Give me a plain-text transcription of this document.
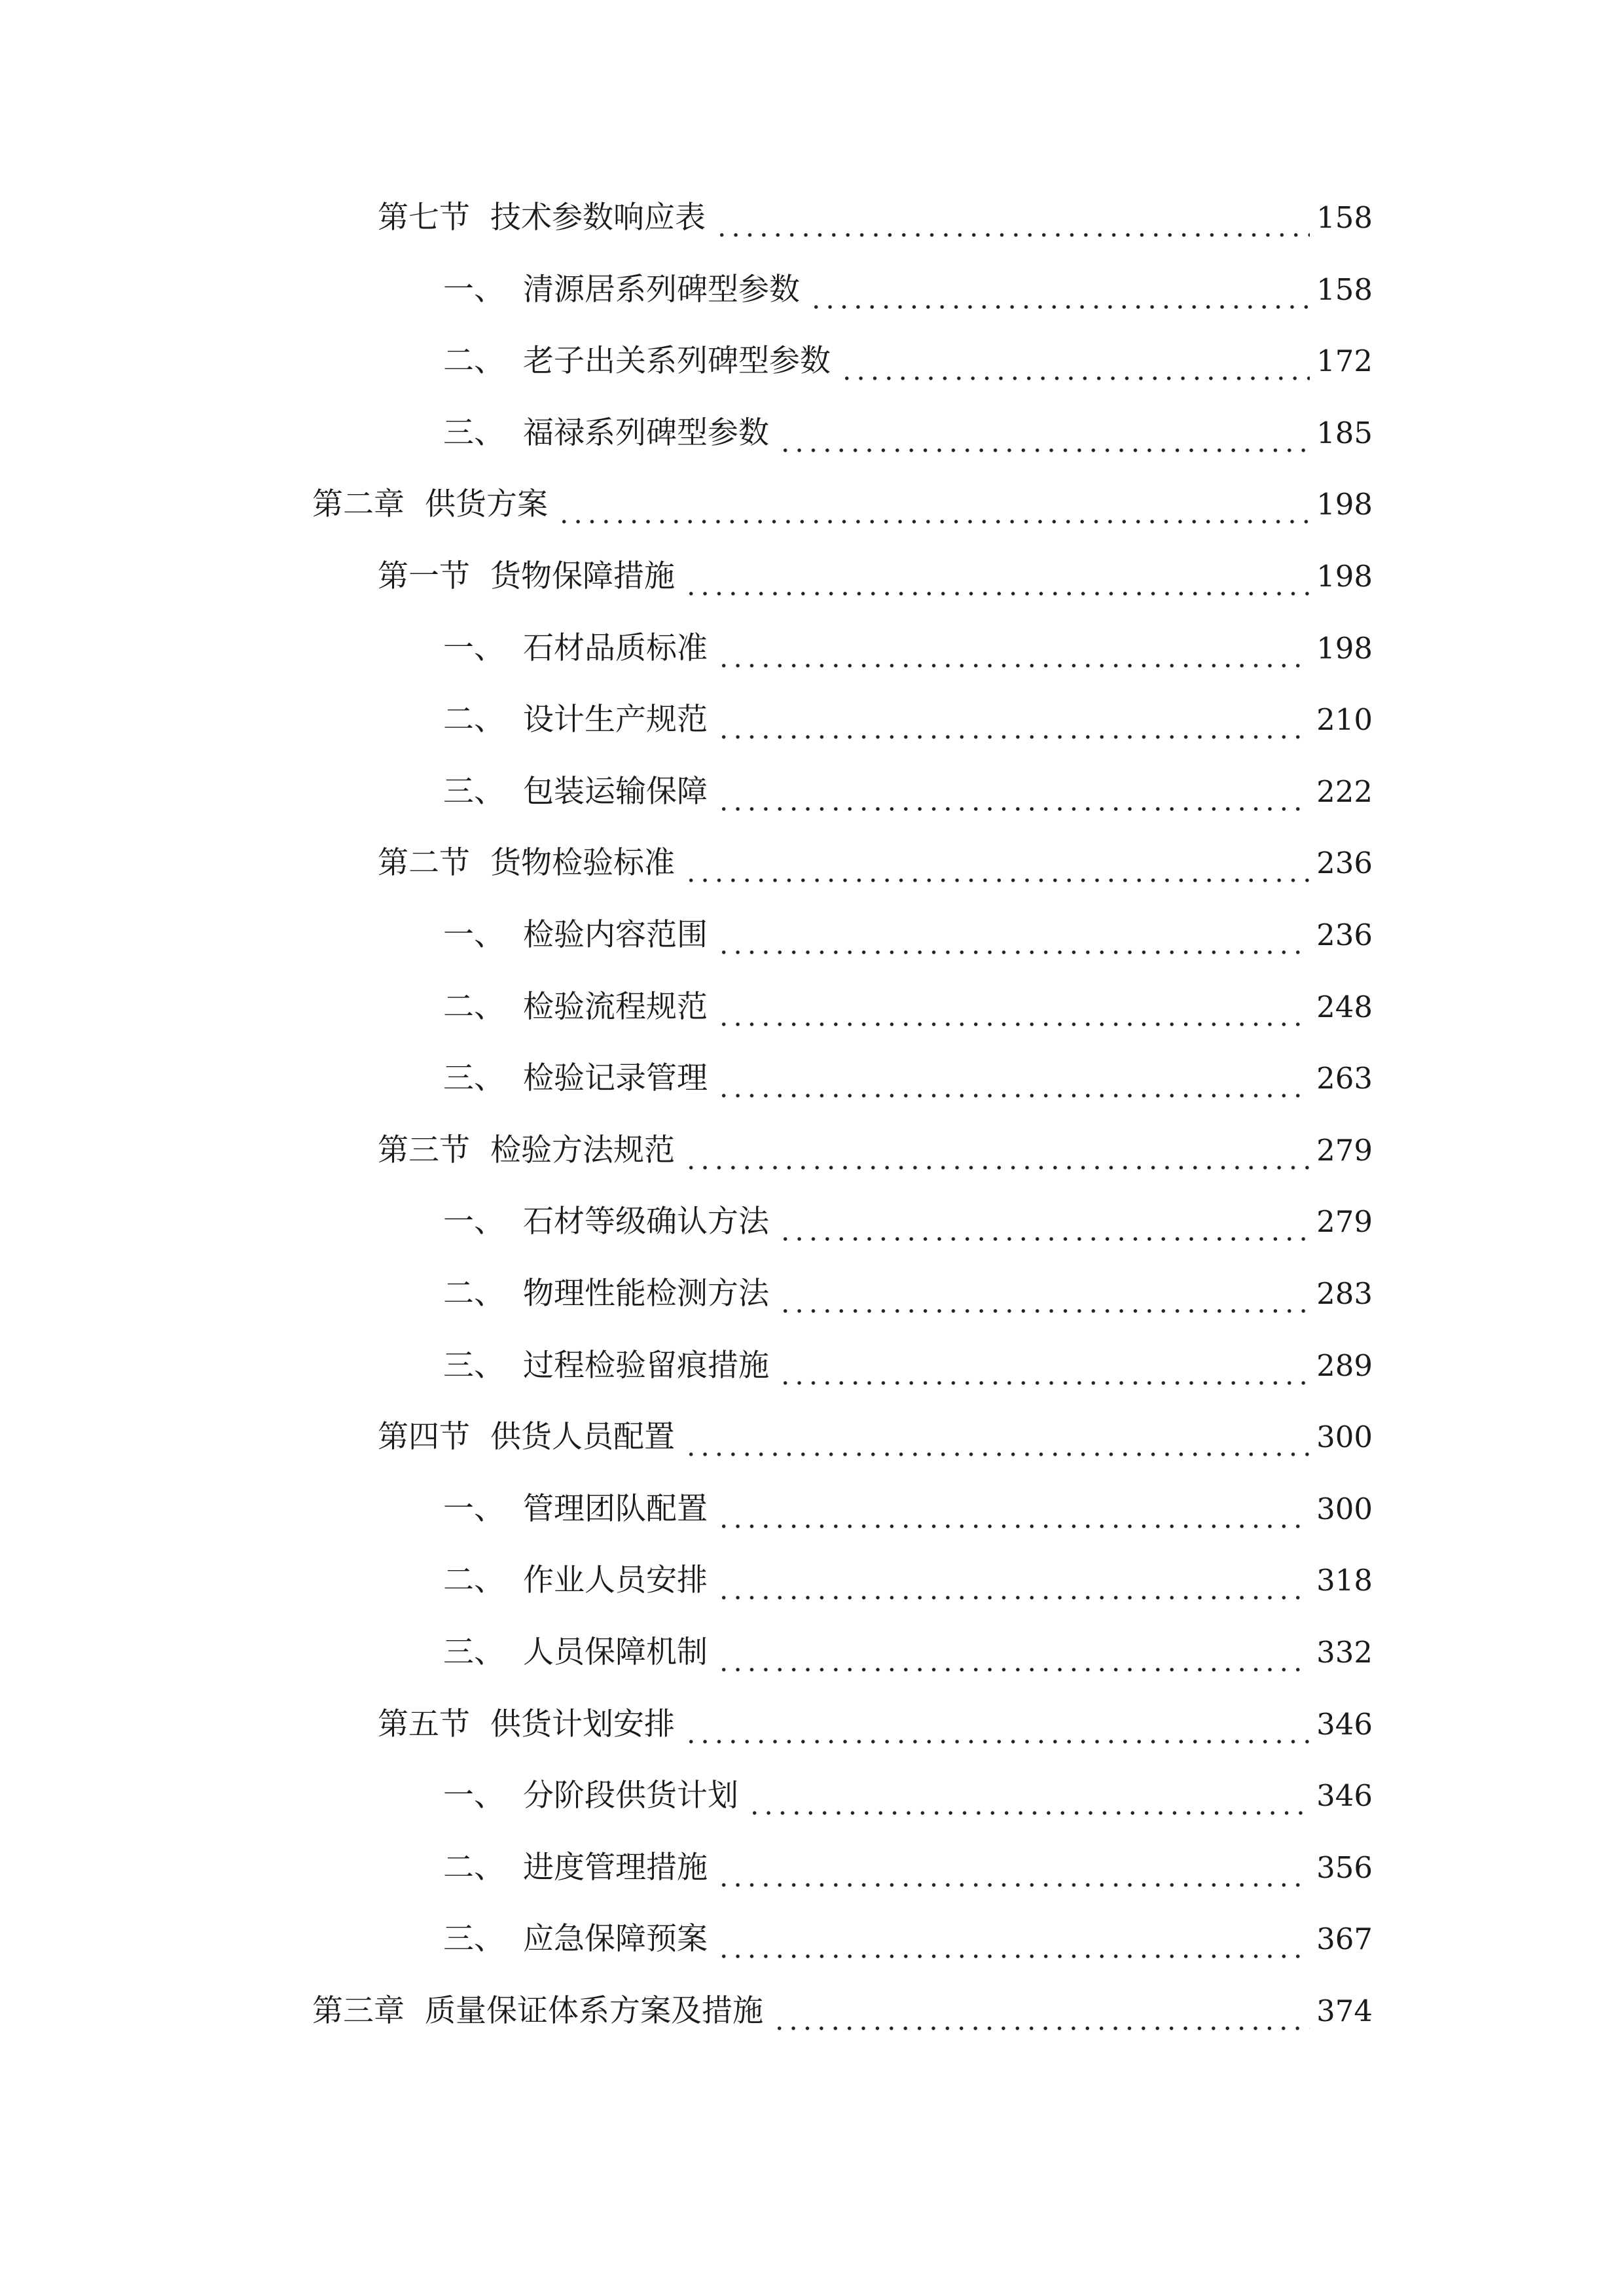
第七节 技术参数响应表	158
一、 清源居系列碑型参数	158
二、 老子出关系列碑型参数	172
三、 福禄系列碑型参数	185
第二章 供货方案	198
第一节 货物保障措施	198
一、 石材品质标准	198
二、 设计生产规范	210
三、 包装运输保障	222
第二节 货物检验标准	236
一、 检验内容范围	236
二、 检验流程规范	248
三、 检验记录管理	263
第三节 检验方法规范	279
一、 石材等级确认方法	279
二、 物理性能检测方法	283
三、 过程检验留痕措施	289
第四节 供货人员配置	300
一、 管理团队配置	300
二、 作业人员安排	318
三、 人员保障机制	332
第五节 供货计划安排	346
一、 分阶段供货计划	346
二、 进度管理措施	356
三、 应急保障预案	367
第三章 质量保证体系方案及措施	374
